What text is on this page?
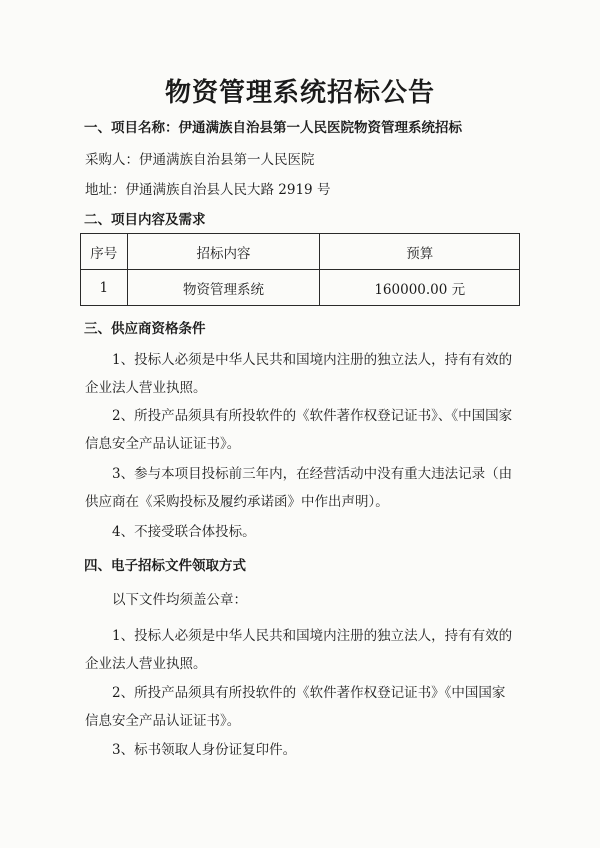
物资管理系统招标公告
一、项目名称：伊通满族自治县第一人民医院物资管理系统招标
采购人：伊通满族自治县第一人民医院
地址：伊通满族自治县人民大路 2919 号
二、项目内容及需求
序号	招标内容	预算
1	物资管理系统	160000.00 元
三、供应商资格条件
1、投标人必须是中华人民共和国境内注册的独立法人，持有有效的企业法人营业执照。
2、所投产品须具有所投软件的《软件著作权登记证书》、《中国国家信息安全产品认证证书》。
3、参与本项目投标前三年内，在经营活动中没有重大违法记录（由供应商在《采购投标及履约承诺函》中作出声明）。
4、不接受联合体投标。
四、电子招标文件领取方式
以下文件均须盖公章：
1、投标人必须是中华人民共和国境内注册的独立法人，持有有效的企业法人营业执照。
2、所投产品须具有所投软件的《软件著作权登记证书》《中国国家信息安全产品认证证书》。
3、标书领取人身份证复印件。
